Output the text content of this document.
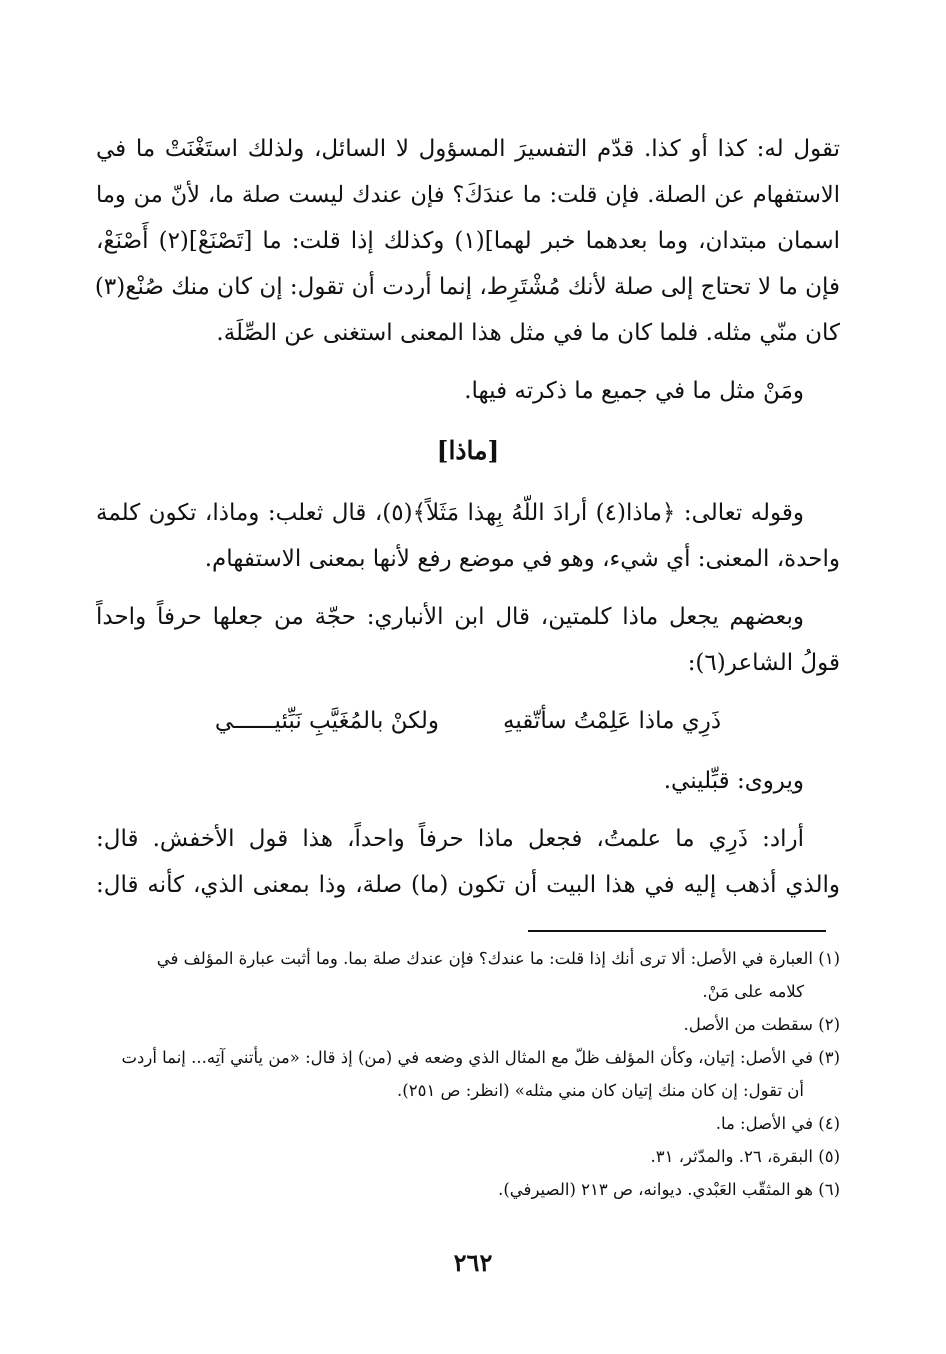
تقول له: كذا أو كذا. قدّم التفسيرَ المسؤول لا السائل، ولذلك استَغْنَتْ ما في
الاستفهام عن الصلة. فإن قلت: ما عندَكَ؟ فإن عندك ليست صلة ما، لأنّ من وما
اسمان مبتدان، وما بعدهما خبر لهما](١) وكذلك إذا قلت: ما [تَصْنَعْ](٢) أَصْنَعْ،
فإن ما لا تحتاج إلى صلة لأنك مُشْتَرِط، إنما أردت أن تقول: إن كان منك صُنْع(٣)
كان منّي مثله. فلما كان ما في مثل هذا المعنى استغنى عن الصِّلَة.
ومَنْ مثل ما في جميع ما ذكرته فيها.
[ماذا]
وقوله تعالى: ﴿ماذا(٤) أرادَ اللّهُ بِهذا مَثَلاً﴾(٥)، قال ثعلب: وماذا، تكون كلمة
واحدة، المعنى: أي شيء، وهو في موضع رفع لأنها بمعنى الاستفهام.
وبعضهم يجعل ماذا كلمتين، قال ابن الأنباري: حجّة من جعلها حرفاً واحداً
قولُ الشاعر(٦):
ذَرِي ماذا عَلِمْتُ سأتّقيهِولكنْ بالمُغَيَّبِ نَبِّئيــــــي
ويروى: قبِّليني.
أراد: ذَرِي ما علمتُ، فجعل ماذا حرفاً واحداً، هذا قول الأخفش. قال:
والذي أذهب إليه في هذا البيت أن تكون (ما) صلة، وذا بمعنى الذي، كأنه قال:
(١) العبارة في الأصل: ألا ترى أنك إذا قلت: ما عندك؟ فإن عندك صلة بما. وما أثبت عبارة المؤلف في
كلامه على مَنْ.
(٢) سقطت من الأصل.
(٣) في الأصل: إتيان، وكأن المؤلف ظلّ مع المثال الذي وضعه في (من) إذ قال: «من يأتني آتِه... إنما أردت
أن تقول: إن كان منك إتيان كان مني مثله» (انظر: ص ٢٥١).
(٤) في الأصل: ما.
(٥) البقرة، ٢٦. والمدّثر، ٣١.
(٦) هو المثقّب العَبْدي. ديوانه، ص ٢١٣ (الصيرفي).
٢٦٢
